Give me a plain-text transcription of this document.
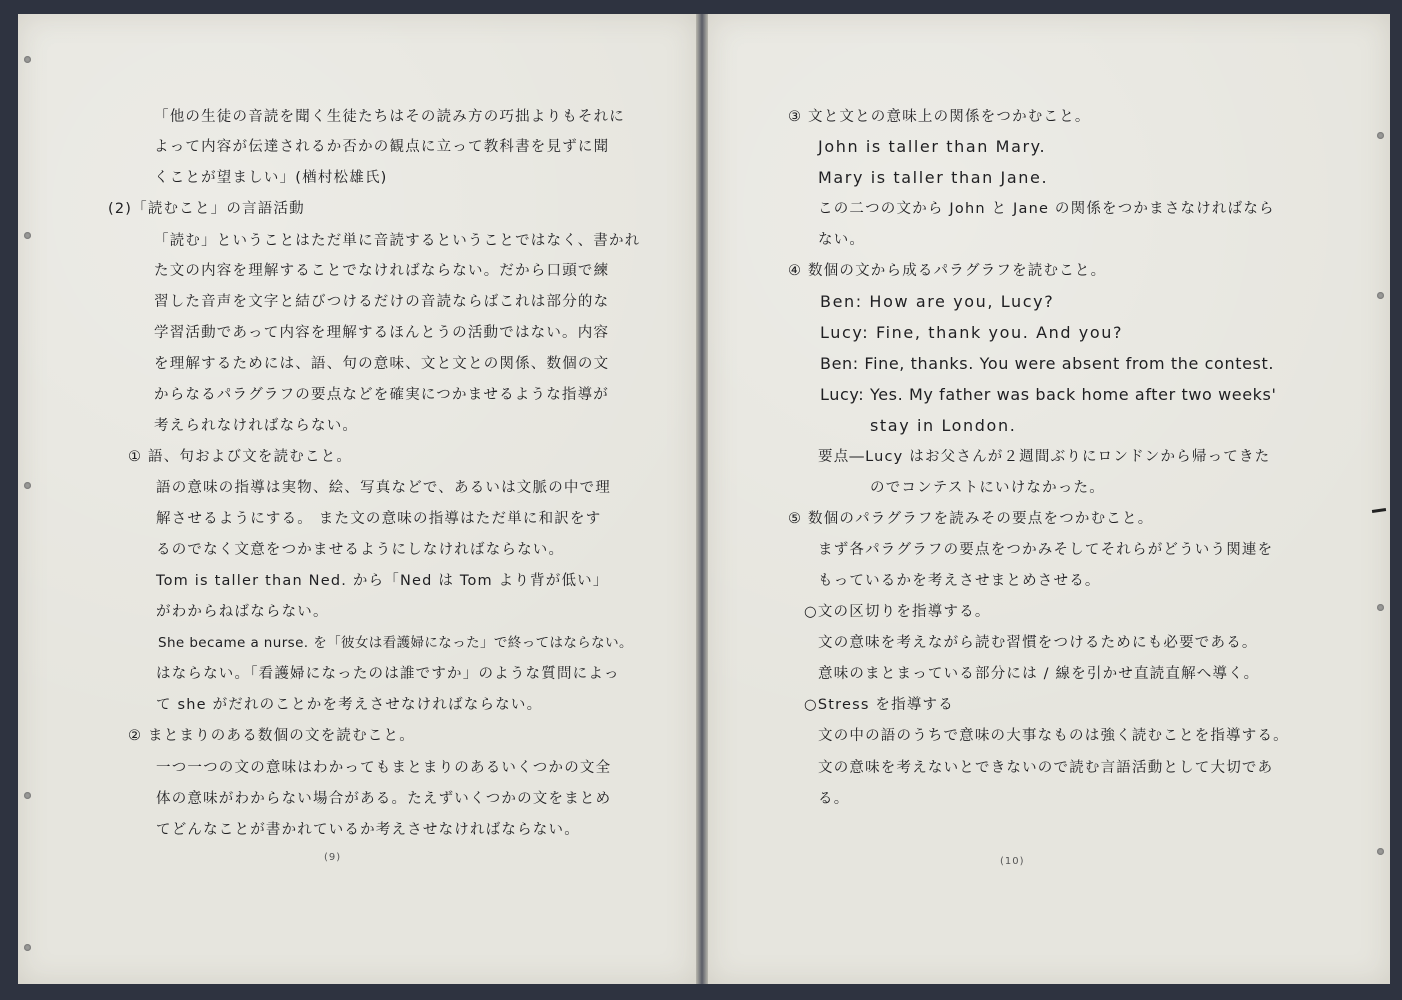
「他の生徒の音読を聞く生徒たちはその読み方の巧拙よりもそれに
よって内容が伝達されるか否かの観点に立って教科書を見ずに聞
くことが望ましい」(楢村松雄氏)
(2)「読むこと」の言語活動
「読む」ということはただ単に音読するということではなく、書かれ
た文の内容を理解することでなければならない。だから口頭で練
習した音声を文字と結びつけるだけの音読ならばこれは部分的な
学習活動であって内容を理解するほんとうの活動ではない。内容
を理解するためには、語、句の意味、文と文との関係、数個の文
からなるパラグラフの要点などを確実につかませるような指導が
考えられなければならない。
① 語、句および文を読むこと。
語の意味の指導は実物、絵、写真などで、あるいは文脈の中で理
解させるようにする。 また文の意味の指導はただ単に和訳をす
るのでなく文意をつかませるようにしなければならない。
Tom is taller than Ned. から「Ned は Tom より背が低い」
がわからねばならない。
She became a nurse. を「彼女は看護婦になった」で終ってはならない。
はならない。「看護婦になったのは誰ですか」のような質問によっ
て she がだれのことかを考えさせなければならない。
② まとまりのある数個の文を読むこと。
一つ一つの文の意味はわかってもまとまりのあるいくつかの文全
体の意味がわからない場合がある。たえずいくつかの文をまとめ
てどんなことが書かれているか考えさせなければならない。
(9)
③ 文と文との意味上の関係をつかむこと。
John is taller than Mary.
Mary is taller than Jane.
この二つの文から John と Jane の関係をつかまさなければなら
ない。
④ 数個の文から成るパラグラフを読むこと。
Ben: How are you, Lucy?
Lucy: Fine, thank you. And you?
Ben: Fine, thanks. You were absent from the contest.
Lucy: Yes. My father was back home after two weeks'
stay in London.
要点―Lucy はお父さんが２週間ぶりにロンドンから帰ってきた
のでコンテストにいけなかった。
⑤ 数個のパラグラフを読みその要点をつかむこと。
まず各パラグラフの要点をつかみそしてそれらがどういう関連を
もっているかを考えさせまとめさせる。
○文の区切りを指導する。
文の意味を考えながら読む習慣をつけるためにも必要である。
意味のまとまっている部分には / 線を引かせ直読直解へ導く。
○Stress を指導する
文の中の語のうちで意味の大事なものは強く読むことを指導する。
文の意味を考えないとできないので読む言語活動として大切であ
る。
(10)
